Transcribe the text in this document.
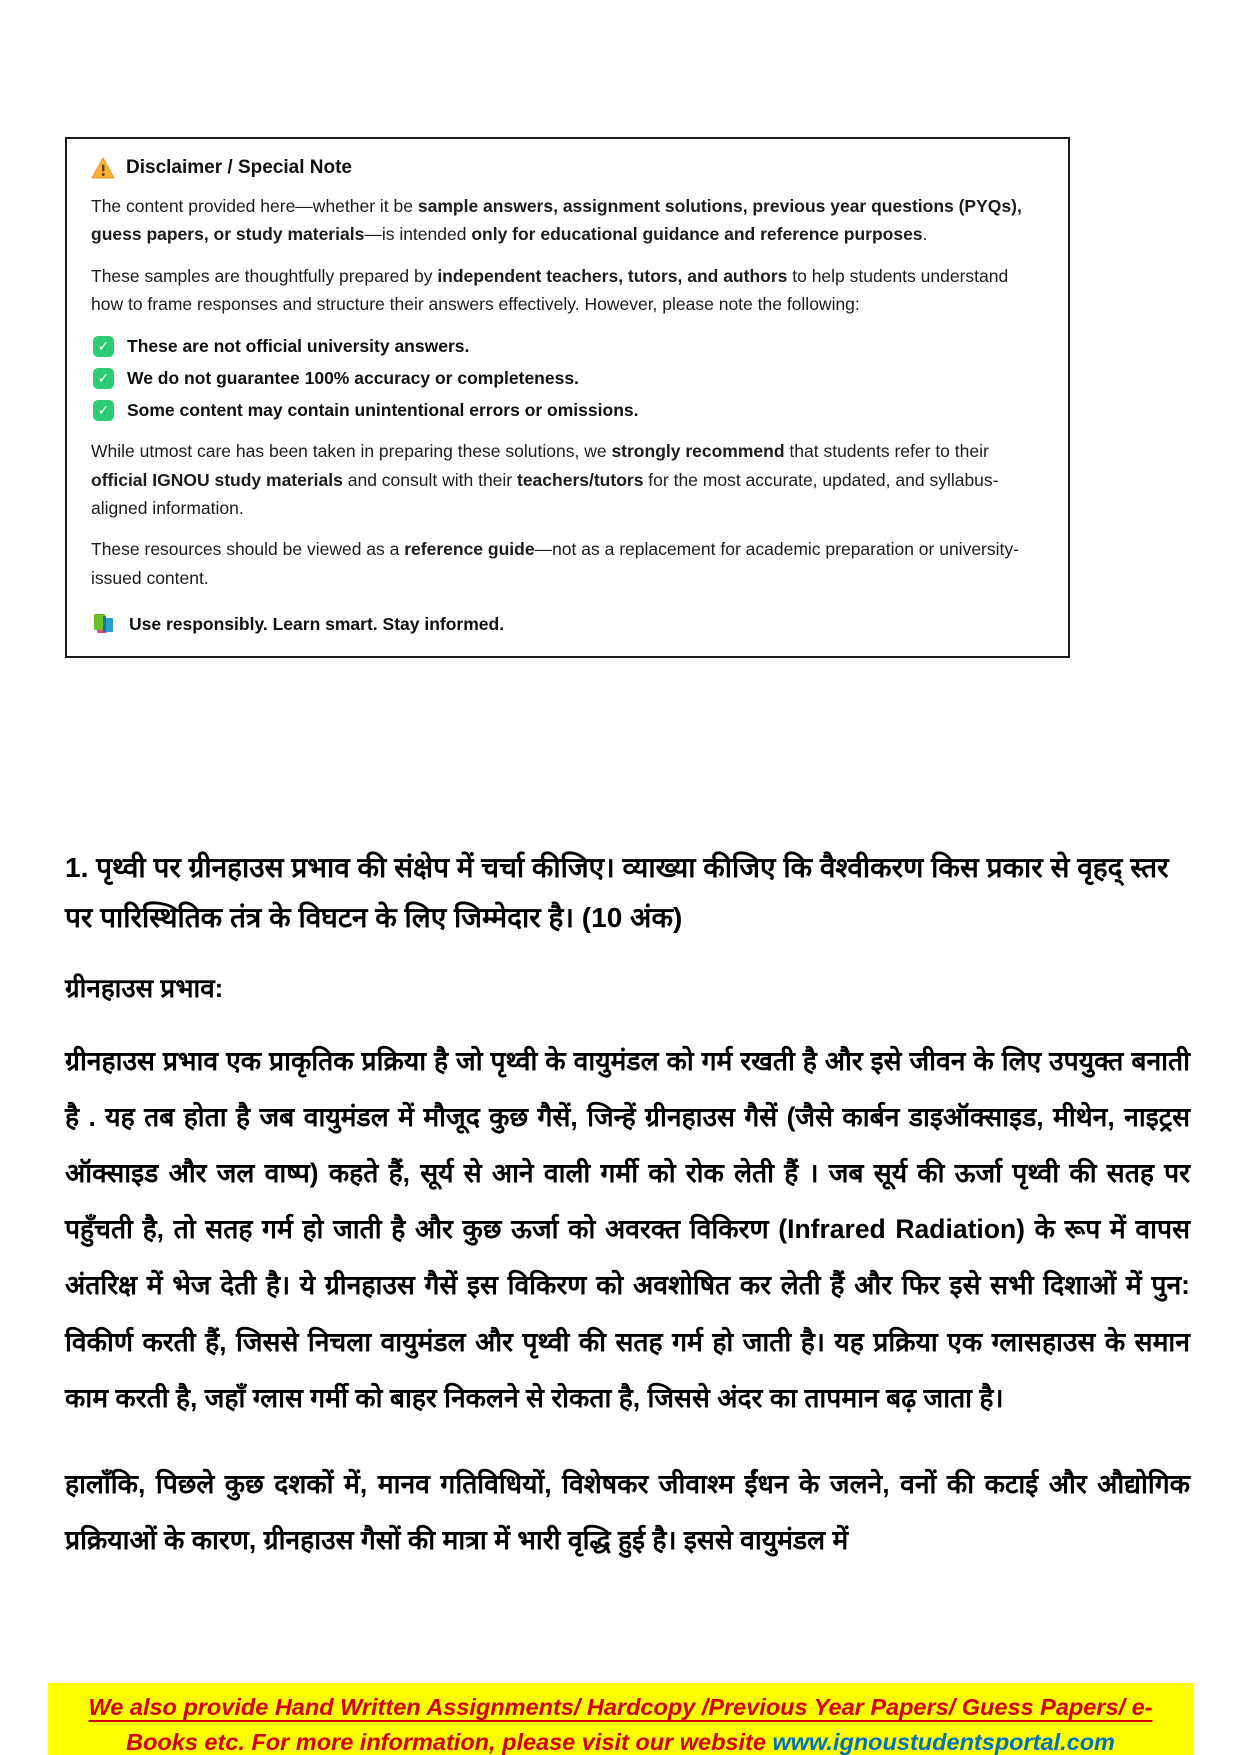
Disclaimer / Special Note

The content provided here—whether it be sample answers, assignment solutions, previous year questions (PYQs), guess papers, or study materials—is intended only for educational guidance and reference purposes.

These samples are thoughtfully prepared by independent teachers, tutors, and authors to help students understand how to frame responses and structure their answers effectively. However, please note the following:

✓ These are not official university answers.
✓ We do not guarantee 100% accuracy or completeness.
✓ Some content may contain unintentional errors or omissions.

While utmost care has been taken in preparing these solutions, we strongly recommend that students refer to their official IGNOU study materials and consult with their teachers/tutors for the most accurate, updated, and syllabus-aligned information.

These resources should be viewed as a reference guide—not as a replacement for academic preparation or university-issued content.

Use responsibly. Learn smart. Stay informed.
1. पृथ्वी पर ग्रीनहाउस प्रभाव की संक्षेप में चर्चा कीजिए। व्याख्या कीजिए कि वैश्वीकरण किस प्रकार से वृहद् स्तर पर पारिस्थितिक तंत्र के विघटन के लिए जिम्मेदार है। (10 अंक)
ग्रीनहाउस प्रभाव:

ग्रीनहाउस प्रभाव एक प्राकृतिक प्रक्रिया है जो पृथ्वी के वायुमंडल को गर्म रखती है और इसे जीवन के लिए उपयुक्त बनाती है . यह तब होता है जब वायुमंडल में मौजूद कुछ गैसें, जिन्हें ग्रीनहाउस गैसें (जैसे कार्बन डाइऑक्साइड, मीथेन, नाइट्रस ऑक्साइड और जल वाष्प) कहते हैं, सूर्य से आने वाली गर्मी को रोक लेती हैं । जब सूर्य की ऊर्जा पृथ्वी की सतह पर पहुँचती है, तो सतह गर्म हो जाती है और कुछ ऊर्जा को अवरक्त विकिरण (Infrared Radiation) के रूप में वापस अंतरिक्ष में भेज देती है। ये ग्रीनहाउस गैसें इस विकिरण को अवशोषित कर लेती हैं और फिर इसे सभी दिशाओं में पुन: विकीर्ण करती हैं, जिससे निचला वायुमंडल और पृथ्वी की सतह गर्म हो जाती है। यह प्रक्रिया एक ग्लासहाउस के समान काम करती है, जहाँ ग्लास गर्मी को बाहर निकलने से रोकता है, जिससे अंदर का तापमान बढ़ जाता है।

हालाँकि, पिछले कुछ दशकों में, मानव गतिविधियों, विशेषकर जीवाश्म ईंधन के जलने, वनों की कटाई और औद्योगिक प्रक्रियाओं के कारण, ग्रीनहाउस गैसों की मात्रा में भारी वृद्धि हुई है। इससे वायुमंडल में

We also provide Hand Written Assignments/ Hardcopy /Previous Year Papers/ Guess Papers/ e-Books etc. For more information, please visit our website www.ignoustudentsportal.com
